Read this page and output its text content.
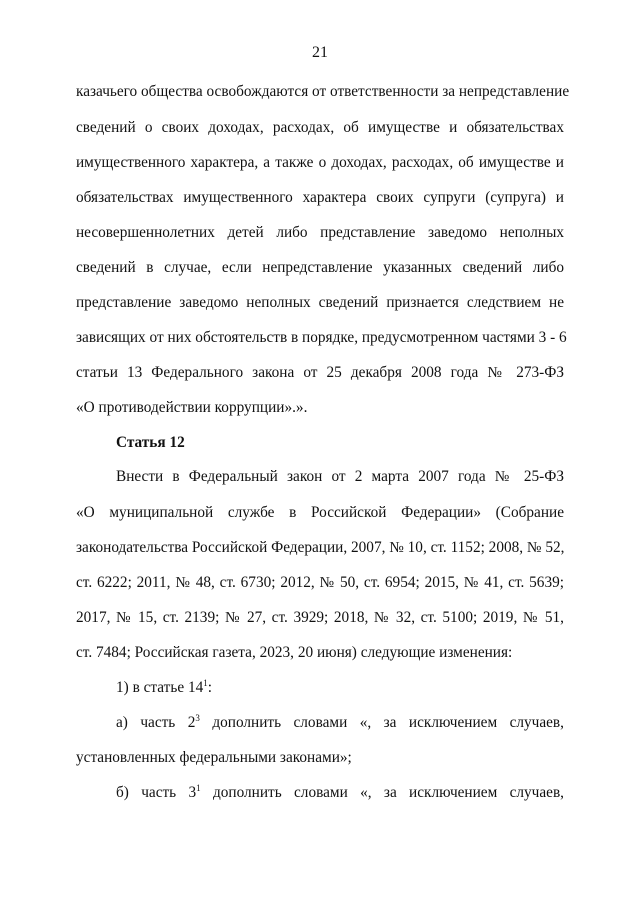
21
казачьего общества освобождаются от ответственности за непредставление
сведений о своих доходах, расходах, об имуществе и обязательствах
имущественного характера, а также о доходах, расходах, об имуществе и
обязательствах имущественного характера своих супруги (супруга) и
несовершеннолетних детей либо представление заведомо неполных
сведений в случае, если непредставление указанных сведений либо
представление заведомо неполных сведений признается следствием не
зависящих от них обстоятельств в порядке, предусмотренном частями 3 - 6
статьи 13 Федерального закона от 25 декабря 2008 года № 273-ФЗ
«О противодействии коррупции».».
Статья 12
Внести в Федеральный закон от 2 марта 2007 года № 25-ФЗ
«О муниципальной службе в Российской Федерации» (Собрание
законодательства Российской Федерации, 2007, № 10, ст. 1152; 2008, № 52,
ст. 6222; 2011, № 48, ст. 6730; 2012, № 50, ст. 6954; 2015, № 41, ст. 5639;
2017, № 15, ст. 2139; № 27, ст. 3929; 2018, № 32, ст. 5100; 2019, № 51,
ст. 7484; Российская газета, 2023, 20 июня) следующие изменения:
1) в статье $14^1$:
а) часть $2^3$ дополнить словами «, за исключением случаев,
установленных федеральными законами»;
б) часть $3^1$ дополнить словами «, за исключением случаев,
